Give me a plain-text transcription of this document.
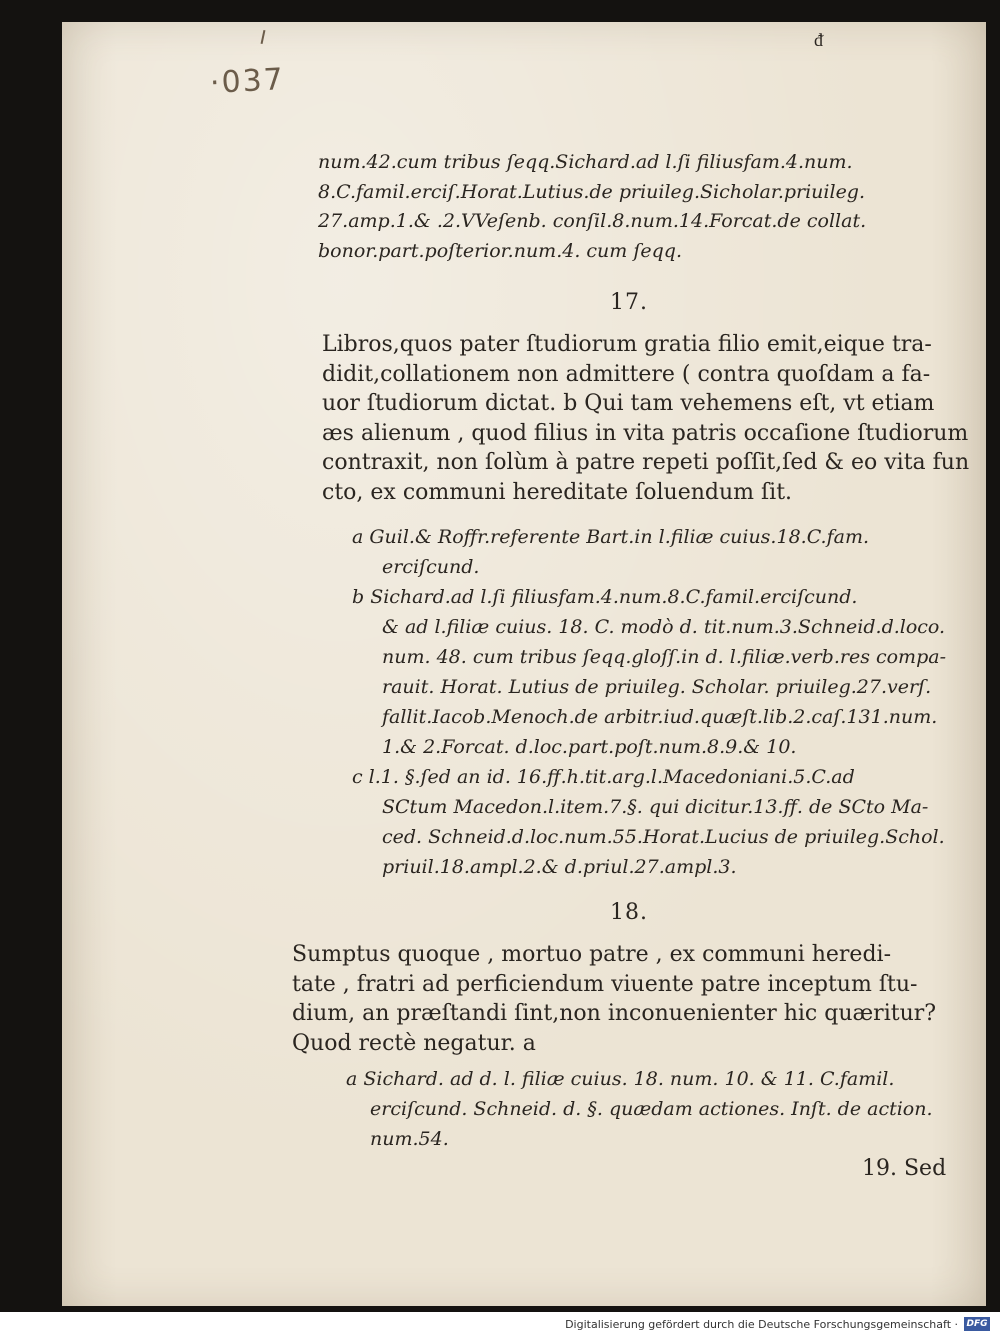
·037
ᵭ
num.42.cum tribus ſeqq.Sichard.ad l.ſi filiusfam.4.num.
8.C.famil.erciſ.Horat.Lutius.de priuileg.Sicholar.priuileg.
27.amp.1.& .2.VVeſenb. conſil.8.num.14.Forcat.de collat.
bonor.part.poſterior.num.4. cum ſeqq.
17.
Libros,quos pater ſtudiorum gratia filio emit,eique tra-
didit,collationem non admittere ( contra quoſdam a fa-
uor ſtudiorum dictat. b Qui tam vehemens eſt, vt etiam
æs alienum , quod filius in vita patris occaſione ſtudiorum
contraxit, non ſolùm à patre repeti poſſit,ſed & eo vita fun
cto, ex communi hereditate ſoluendum ſit.
a Guil.& Roffr.referente Bart.in l.filiæ cuius.18.C.fam.
erciſcund.
b Sichard.ad l.ſi filiusfam.4.num.8.C.famil.erciſcund.
& ad l.filiæ cuius. 18. C. modò d. tit.num.3.Schneid.d.loco.
num. 48. cum tribus ſeqq.gloſſ.in d. l.filiæ.verb.res compa-
rauit. Horat. Lutius de priuileg. Scholar. priuileg.27.verſ.
fallit.Iacob.Menoch.de arbitr.iud.quæſt.lib.2.caſ.131.num.
1.& 2.Forcat. d.loc.part.poſt.num.8.9.& 10.
c l.1. §.ſed an id. 16.ff.h.tit.arg.l.Macedoniani.5.C.ad
SCtum Macedon.l.item.7.§. qui dicitur.13.ff. de SCto Ma-
ced. Schneid.d.loc.num.55.Horat.Lucius de priuileg.Schol.
priuil.18.ampl.2.& d.priul.27.ampl.3.
18.
Sumptus quoque , mortuo patre , ex communi heredi-
tate , fratri ad perficiendum viuente patre inceptum ſtu-
dium, an præſtandi ſint,non inconuenienter hic quæritur?
Quod rectè negatur. a
a Sichard. ad d. l. filiæ cuius. 18. num. 10. & 11. C.famil.
erciſcund. Schneid. d. §. quædam actiones. Inſt. de action.
num.54.
19. Sed
Digitalisierung gefördert durch die Deutsche Forschungsgemeinschaft · DFG
